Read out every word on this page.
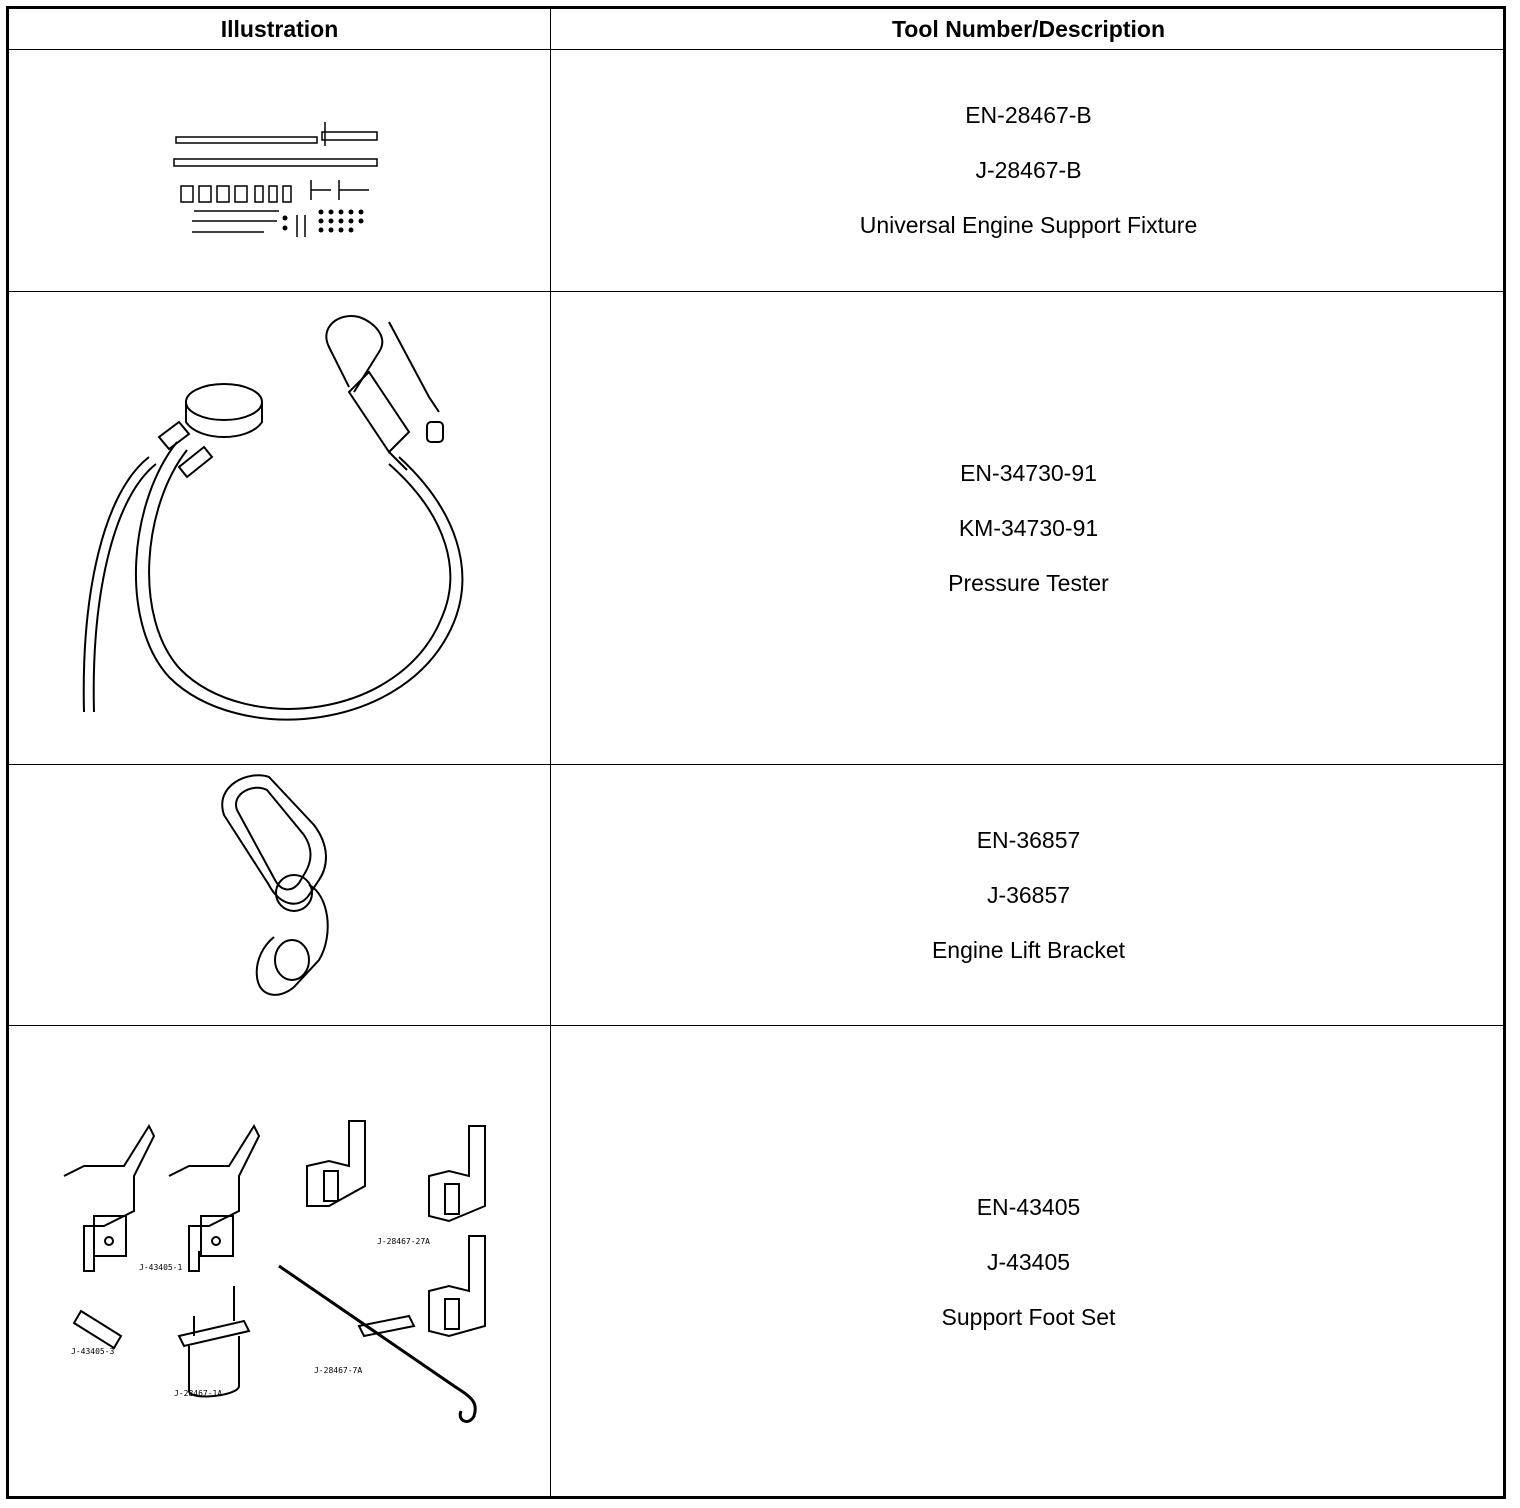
Illustration	Tool Number/Description
EN-28467-B
J-28467-B
Universal Engine Support Fixture
EN-34730-91
KM-34730-91
Pressure Tester
EN-36857
J-36857
Engine Lift Bracket
J-43405-1
J-28467-27A
J-43405-3
J-28467-1A
J-28467-7A
EN-43405
J-43405
Support Foot Set
